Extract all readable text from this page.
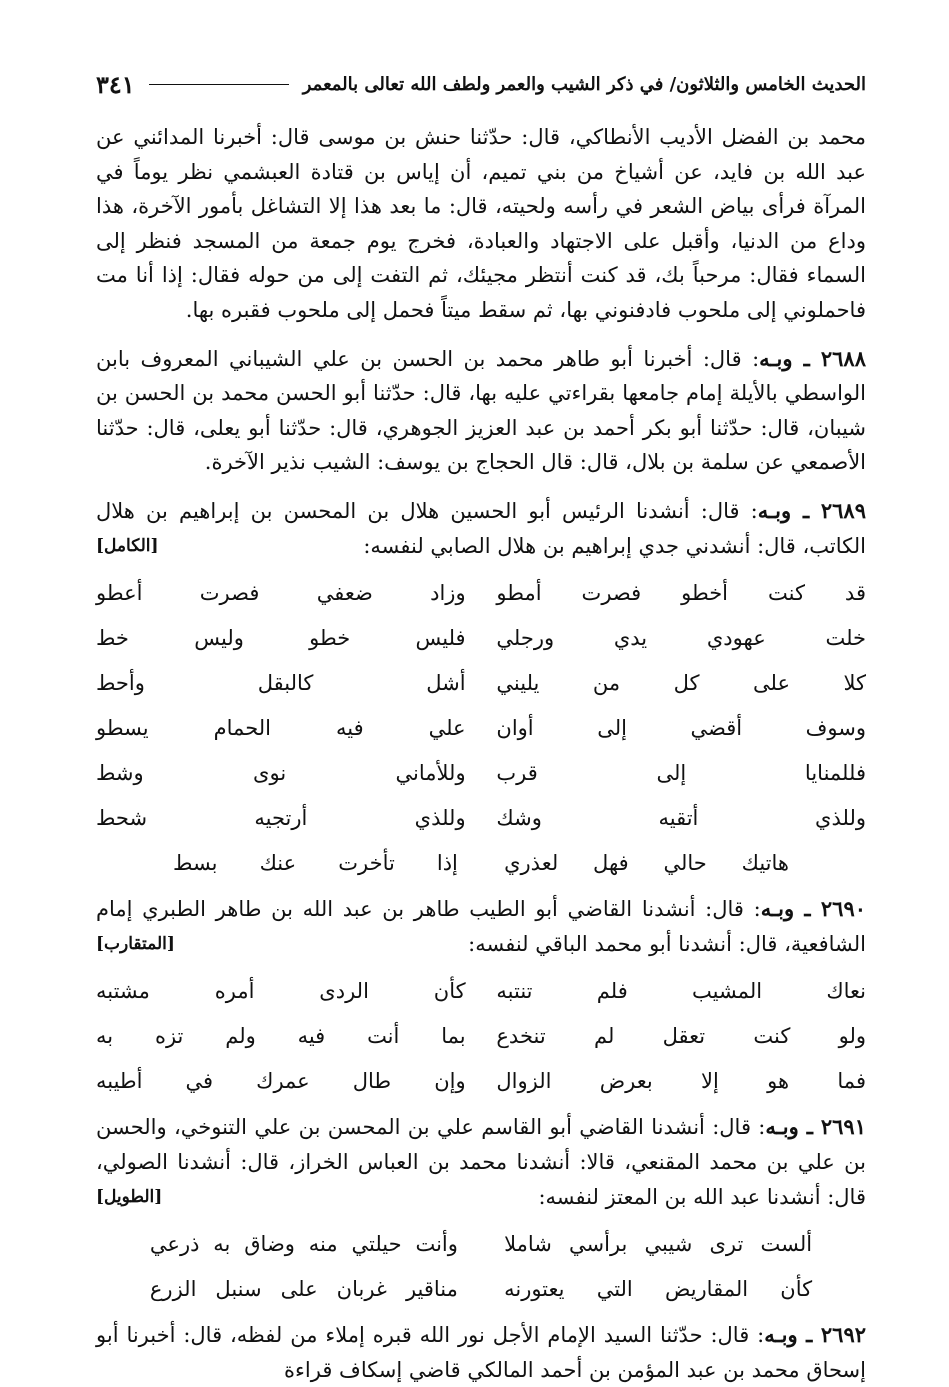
الحديث الخامس والثلاثون/ في ذكر الشيب والعمر ولطف الله تعالى بالمعمر
٣٤١

محمد بن الفضل الأديب الأنطاكي، قال: حدّثنا حنش بن موسى قال: أخبرنا المدائني عن عبد الله بن فايد، عن أشياخ من بني تميم، أن إياس بن قتادة العبشمي نظر يوماً في المرآة فرأى بياض الشعر في رأسه ولحيته، قال: ما بعد هذا إلا التشاغل بأمور الآخرة، هذا وداع من الدنيا، وأقبل على الاجتهاد والعبادة، فخرج يوم جمعة من المسجد فنظر إلى السماء فقال: مرحباً بك، قد كنت أنتظر مجيئك، ثم التفت إلى من حوله فقال: إذا أنا مت فاحملوني إلى ملحوب فادفنوني بها، ثم سقط ميتاً فحمل إلى ملحوب فقبره بها.

٢٦٨٨ ـ وبـه: قال: أخبرنا أبو طاهر محمد بن الحسن بن علي الشيباني المعروف بابن الواسطي بالأيلة إمام جامعها بقراءتي عليه بها، قال: حدّثنا أبو الحسن محمد بن الحسن بن شيبان، قال: حدّثنا أبو بكر أحمد بن عبد العزيز الجوهري، قال: حدّثنا أبو يعلى، قال: حدّثنا الأصمعي عن سلمة بن بلال، قال: قال الحجاج بن يوسف: الشيب نذير الآخرة.

٢٦٨٩ ـ وبـه: قال: أنشدنا الرئيس أبو الحسين هلال بن المحسن بن إبراهيم بن هلال الكاتب، قال: أنشدني جدي إبراهيم بن هلال الصابي لنفسه:
[الكامل]

قد كنت أخطو فصرت أمطو
وزاد ضعفي فصرت أعطو
خلت عهودي يدي ورجلي
فليس خطو وليس خط
كلا على كل من يليني
أشل كالبقل وأحط
وسوف أقضي إلى أوان
علي فيه الحمام يسطو
فللمنايا إلى قرب
وللأماني نوى وشط
وللذي أتقيه وشك
وللذي أرتجيه شحط
هاتيك حالي فهل لعذري
إذا تأخرت عنك بسط

٢٦٩٠ ـ وبـه: قال: أنشدنا القاضي أبو الطيب طاهر بن عبد الله بن طاهر الطبري إمام الشافعية، قال: أنشدنا أبو محمد الباقي لنفسه:
[المتقارب]

نعاك المشيب فلم تنتبه
كأن الردى أمره مشتبه
ولو كنت تعقل لم تنخدع
بما أنت فيه ولم تزه به
فما هو إلا بعرض الزوال
وإن طال عمرك في أطيبه

٢٦٩١ ـ وبـه: قال: أنشدنا القاضي أبو القاسم علي بن المحسن بن علي التنوخي، والحسن بن علي بن محمد المقنعي، قالا: أنشدنا محمد بن العباس الخراز، قال: أنشدنا الصولي، قال: أنشدنا عبد الله بن المعتز لنفسه:
[الطويل]

ألست ترى شيبي برأسي شاملا
وأنت حيلتي منه وضاق به ذرعي
كأن المقاريض التي يعتورنه
مناقير غربان على سنبل الزرع

٢٦٩٢ ـ وبـه: قال: حدّثنا السيد الإمام الأجل نور الله قبره إملاء من لفظه، قال: أخبرنا أبو إسحاق محمد بن عبد المؤمن بن أحمد المالكي قاضي إسكاف قراءة
